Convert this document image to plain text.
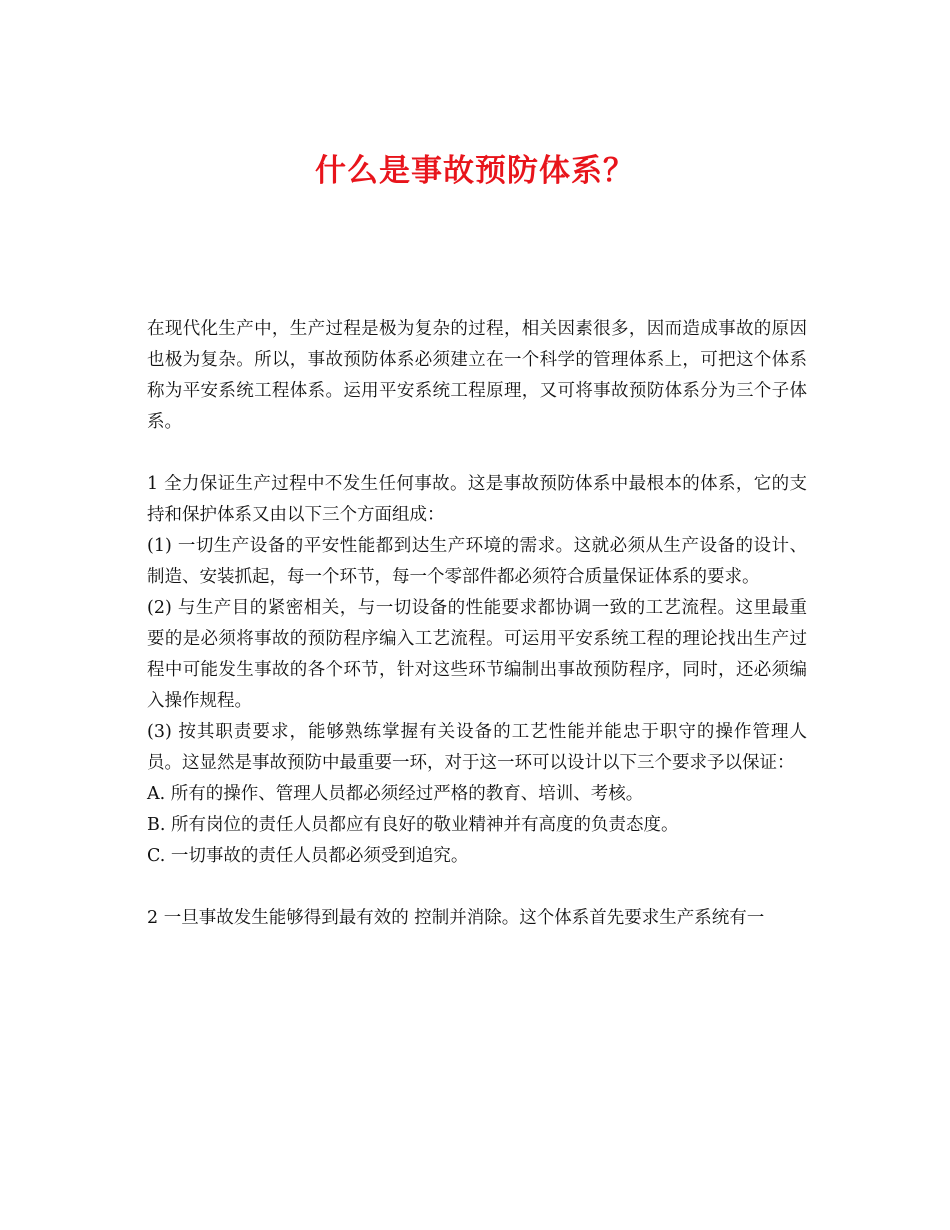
什么是事故预防体系？

在现代化生产中，生产过程是极为复杂的过程，相关因素很多，因而造成事故的原因也极为复杂。所以，事故预防体系必须建立在一个科学的管理体系上，可把这个体系称为平安系统工程体系。运用平安系统工程原理，又可将事故预防体系分为三个子体系。

1 全力保证生产过程中不发生任何事故。这是事故预防体系中最根本的体系，它的支持和保护体系又由以下三个方面组成：

(1) 一切生产设备的平安性能都到达生产环境的需求。这就必须从生产设备的设计、制造、安装抓起，每一个环节，每一个零部件都必须符合质量保证体系的要求。

(2) 与生产目的紧密相关，与一切设备的性能要求都协调一致的工艺流程。这里最重要的是必须将事故的预防程序编入工艺流程。可运用平安系统工程的理论找出生产过程中可能发生事故的各个环节，针对这些环节编制出事故预防程序，同时，还必须编入操作规程。

(3) 按其职责要求，能够熟练掌握有关设备的工艺性能并能忠于职守的操作管理人员。这显然是事故预防中最重要一环，对于这一环可以设计以下三个要求予以保证：

A. 所有的操作、管理人员都必须经过严格的教育、培训、考核。

B. 所有岗位的责任人员都应有良好的敬业精神并有高度的负责态度。

C. 一切事故的责任人员都必须受到追究。

2 一旦事故发生能够得到最有效的 控制并消除。这个体系首先要求生产系统有一
